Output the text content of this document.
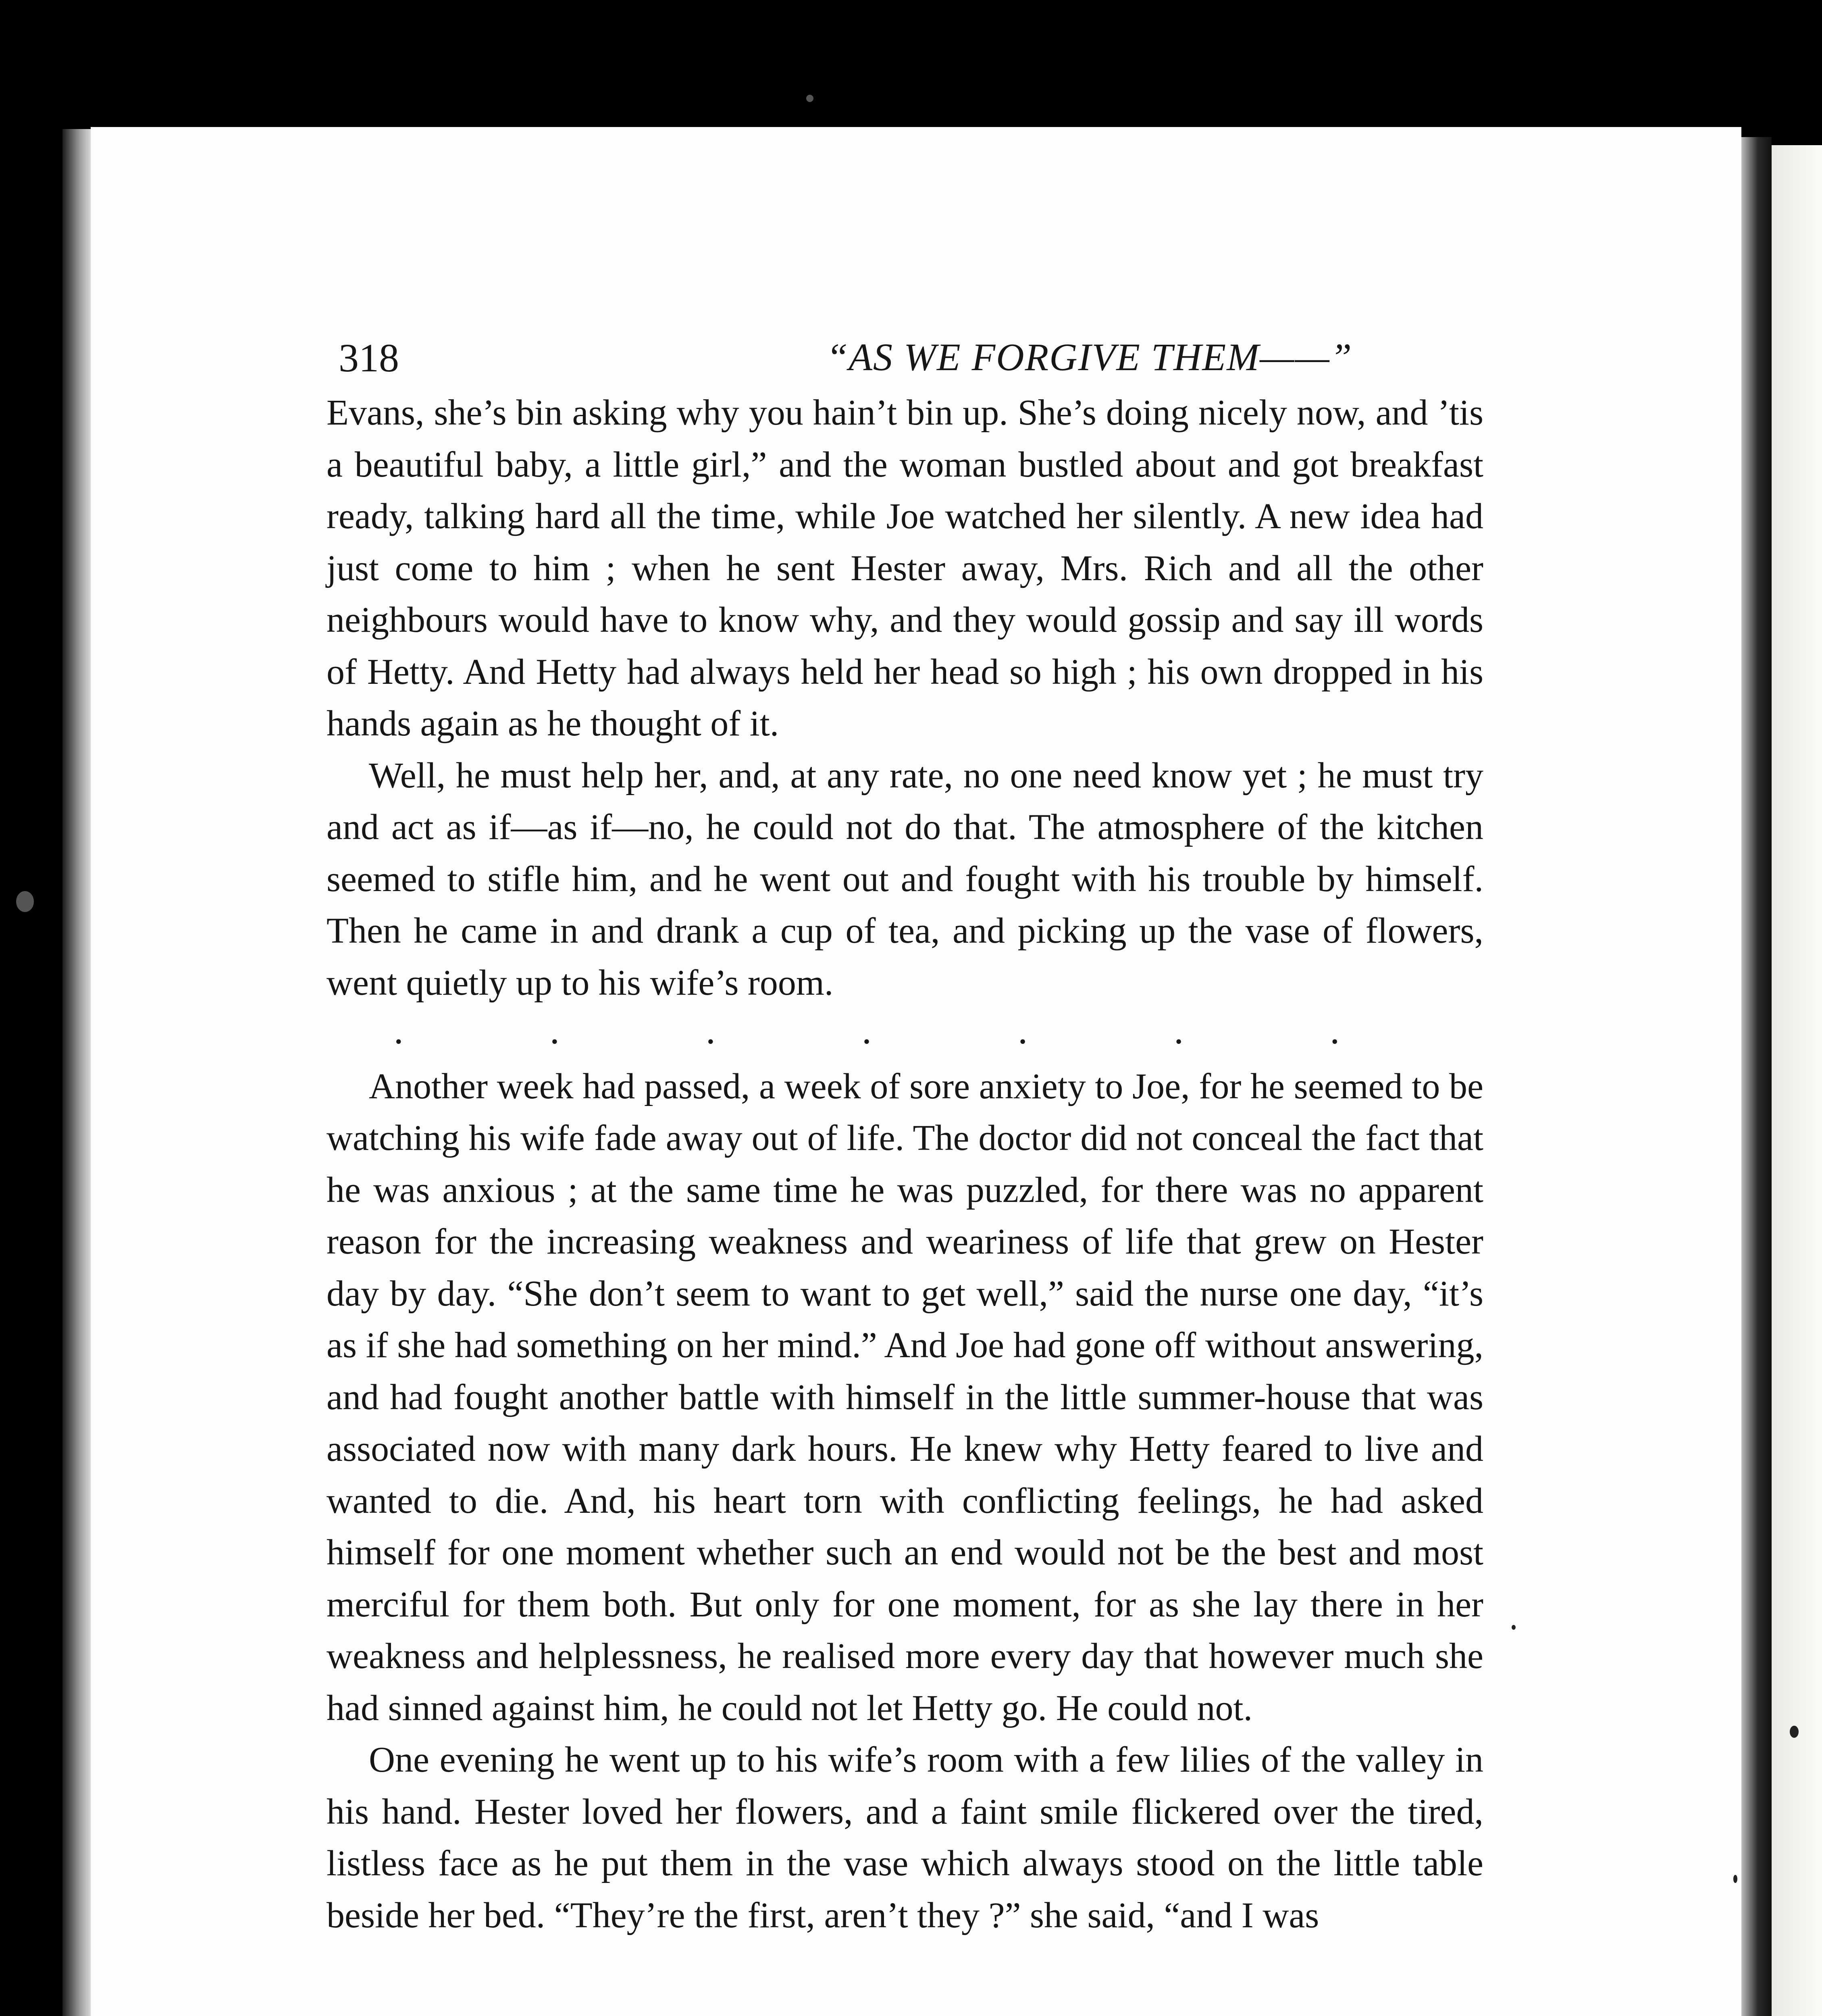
318	“AS WE FORGIVE THEM——”

Evans, she’s bin asking why you hain’t bin up. She’s doing nicely now, and ’tis a beautiful baby, a little girl,” and the woman bustled about and got breakfast ready, talking hard all the time, while Joe watched her silently. A new idea had just come to him ; when he sent Hester away, Mrs. Rich and all the other neighbours would have to know why, and they would gossip and say ill words of Hetty. And Hetty had always held her head so high ; his own dropped in his hands again as he thought of it.

Well, he must help her, and, at any rate, no one need know yet ; he must try and act as if—as if—no, he could not do that. The atmosphere of the kitchen seemed to stifle him, and he went out and fought with his trouble by himself. Then he came in and drank a cup of tea, and picking up the vase of flowers, went quietly up to his wife’s room.

.	.	.	.	.	.	.

Another week had passed, a week of sore anxiety to Joe, for he seemed to be watching his wife fade away out of life. The doctor did not conceal the fact that he was anxious ; at the same time he was puzzled, for there was no apparent reason for the increasing weakness and weariness of life that grew on Hester day by day. “She don’t seem to want to get well,” said the nurse one day, “it’s as if she had something on her mind.” And Joe had gone off without answering, and had fought another battle with himself in the little summer-house that was associated now with many dark hours. He knew why Hetty feared to live and wanted to die. And, his heart torn with conflicting feelings, he had asked himself for one moment whether such an end would not be the best and most merciful for them both. But only for one moment, for as she lay there in her weakness and helplessness, he realised more every day that however much she had sinned against him, he could not let Hetty go. He could not.

One evening he went up to his wife’s room with a few lilies of the valley in his hand. Hester loved her flowers, and a faint smile flickered over the tired, listless face as he put them in the vase which always stood on the little table beside her bed. “They’re the first, aren’t they ?” she said, “and I was
